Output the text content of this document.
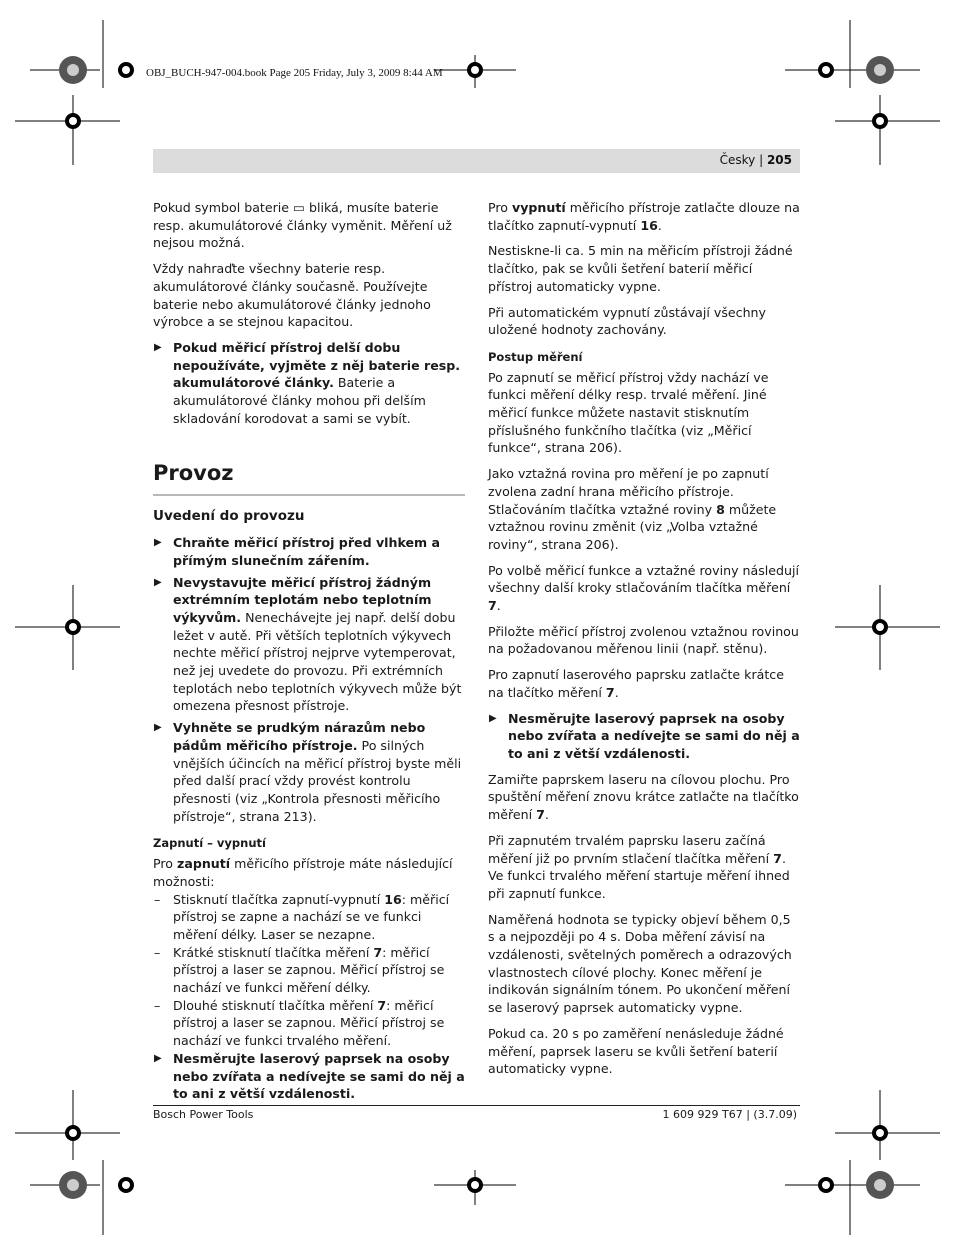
OBJ_BUCH-947-004.book Page 205 Friday, July 3, 2009 8:44 AM
Česky | 205

Pokud symbol baterie ▭ bliká, musíte baterie resp. akumulátorové články vyměnit. Měření už nejsou možná.

Vždy nahraďte všechny baterie resp. akumulátorové články současně. Používejte baterie nebo akumulátorové články jednoho výrobce a se stejnou kapacitou.

▶ Pokud měřicí přístroj delší dobu nepoužíváte, vyjměte z něj baterie resp. akumulátorové články. Baterie a akumulátorové články mohou při delším skladování korodovat a sami se vybít.
Provoz
Uvedení do provozu
▶ Chraňte měřicí přístroj před vlhkem a přímým slunečním zářením.
▶ Nevystavujte měřicí přístroj žádným extrémním teplotám nebo teplotním výkyvům. Nenechávejte jej např. delší dobu ležet v autě. Při větších teplotních výkyvech nechte měřicí přístroj nejprve vytemperovat, než jej uvedete do provozu. Při extrémních teplotách nebo teplotních výkyvech může být omezena přesnost přístroje.
▶ Vyhněte se prudkým nárazům nebo pádům měřicího přístroje. Po silných vnějších účincích na měřicí přístroj byste měli před další prací vždy provést kontrolu přesnosti (viz „Kontrola přesnosti měřicího přístroje“, strana 213).
Zapnutí – vypnutí

Pro zapnutí měřicího přístroje máte následující možnosti:

– Stisknutí tlačítka zapnutí-vypnutí 16: měřicí přístroj se zapne a nachází se ve funkci měření délky. Laser se nezapne.
– Krátké stisknutí tlačítka měření 7: měřicí přístroj a laser se zapnou. Měřicí přístroj se nachází ve funkci měření délky.
– Dlouhé stisknutí tlačítka měření 7: měřicí přístroj a laser se zapnou. Měřicí přístroj se nachází ve funkci trvalého měření.
▶ Nesměrujte laserový paprsek na osoby nebo zvířata a nedívejte se sami do něj a to ani z větší vzdálenosti.

Pro vypnutí měřicího přístroje zatlačte dlouze na tlačítko zapnutí-vypnutí 16.

Nestiskne-li ca. 5 min na měřicím přístroji žádné tlačítko, pak se kvůli šetření baterií měřicí přístroj automaticky vypne.

Při automatickém vypnutí zůstávají všechny uložené hodnoty zachovány.

Postup měření

Po zapnutí se měřicí přístroj vždy nachází ve funkci měření délky resp. trvalé měření. Jiné měřicí funkce můžete nastavit stisknutím příslušného funkčního tlačítka (viz „Měřicí funkce“, strana 206).

Jako vztažná rovina pro měření je po zapnutí zvolena zadní hrana měřicího přístroje. Stlačováním tlačítka vztažné roviny 8 můžete vztažnou rovinu změnit (viz „Volba vztažné roviny“, strana 206).

Po volbě měřicí funkce a vztažné roviny následují všechny další kroky stlačováním tlačítka měření 7.

Přiložte měřicí přístroj zvolenou vztažnou rovinou na požadovanou měřenou linii (např. stěnu).

Pro zapnutí laserového paprsku zatlačte krátce na tlačítko měření 7.

▶ Nesměrujte laserový paprsek na osoby nebo zvířata a nedívejte se sami do něj a to ani z větší vzdálenosti.

Zamiřte paprskem laseru na cílovou plochu. Pro spuštění měření znovu krátce zatlačte na tlačítko měření 7.

Při zapnutém trvalém paprsku laseru začíná měření již po prvním stlačení tlačítka měření 7. Ve funkci trvalého měření startuje měření ihned při zapnutí funkce.

Naměřená hodnota se typicky objeví během 0,5 s a nejpozději po 4 s. Doba měření závisí na vzdálenosti, světelných poměrech a odrazových vlastnostech cílové plochy. Konec měření je indikován signálním tónem. Po ukončení měření se laserový paprsek automaticky vypne.

Pokud ca. 20 s po zaměření nenásleduje žádné měření, paprsek laseru se kvůli šetření baterií automaticky vypne.

Bosch Power Tools	1 609 929 T67 | (3.7.09)
